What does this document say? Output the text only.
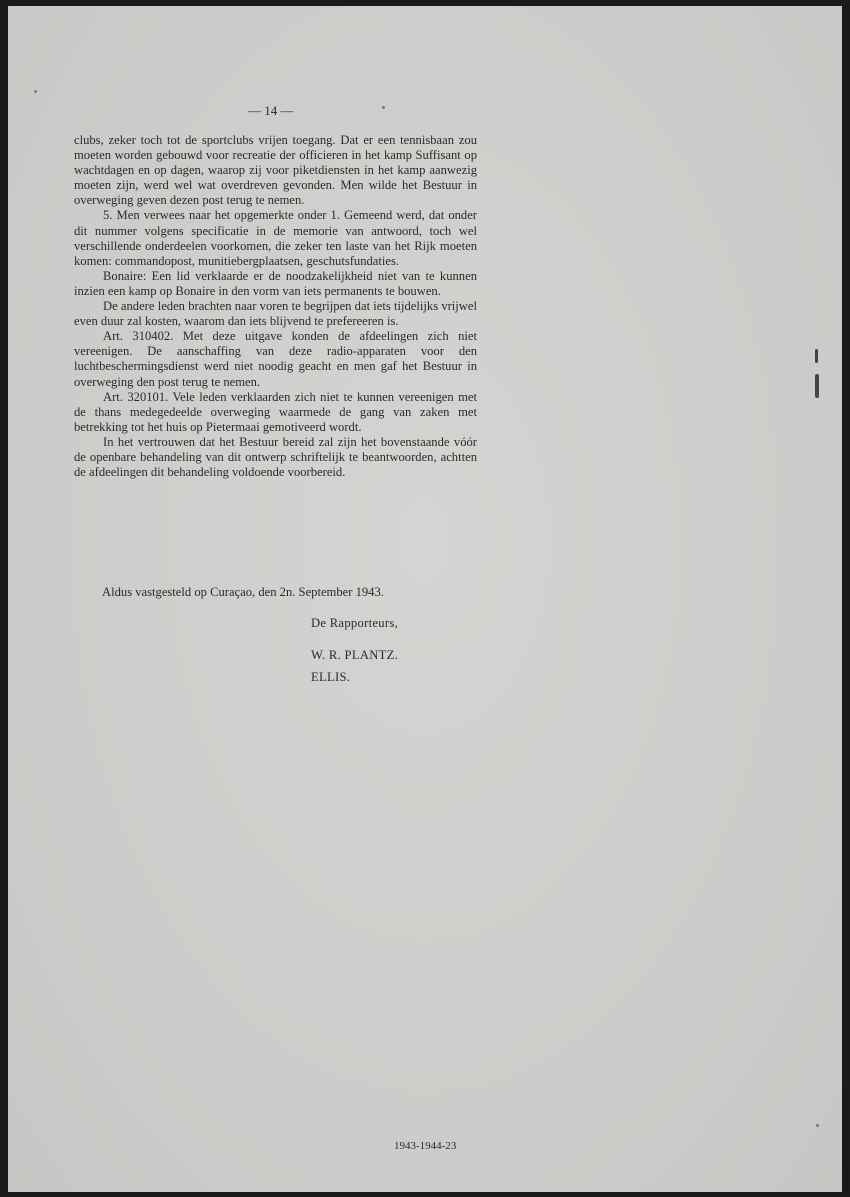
— 14 —

clubs, zeker toch tot de sportclubs vrijen toegang. Dat er een tennisbaan zou moeten worden gebouwd voor recreatie der officieren in het kamp Suffisant op wachtdagen en op dagen, waarop zij voor piketdiensten in het kamp aanwezig moeten zijn, werd wel wat overdreven gevonden. Men wilde het Bestuur in overweging geven dezen post terug te nemen.

5. Men verwees naar het opgemerkte onder 1. Gemeend werd, dat onder dit nummer volgens specificatie in de memorie van antwoord, toch wel verschillende onderdeelen voorkomen, die zeker ten laste van het Rijk moeten komen: commandopost, munitiebergplaatsen, geschutsfundaties.

Bonaire: Een lid verklaarde er de noodzakelijkheid niet van te kunnen inzien een kamp op Bonaire in den vorm van iets permanents te bouwen.

De andere leden brachten naar voren te begrijpen dat iets tijdelijks vrijwel even duur zal kosten, waarom dan iets blijvend te prefereeren is.

Art. 310402. Met deze uitgave konden de afdeelingen zich niet vereenigen. De aanschaffing van deze radio-apparaten voor den luchtbeschermingsdienst werd niet noodig geacht en men gaf het Bestuur in overweging den post terug te nemen.

Art. 320101. Vele leden verklaarden zich niet te kunnen vereenigen met de thans medegedeelde overweging waarmede de gang van zaken met betrekking tot het huis op Pietermaai gemotiveerd wordt.

In het vertrouwen dat het Bestuur bereid zal zijn het bovenstaande vóór de openbare behandeling van dit ontwerp schriftelijk te beantwoorden, achtten de afdeelingen dit behandeling voldoende voorbereid.

Aldus vastgesteld op Curaçao, den 2n. September 1943.
De Rapporteurs,
W. R. PLANTZ.
ELLIS.
1943-1944-23
